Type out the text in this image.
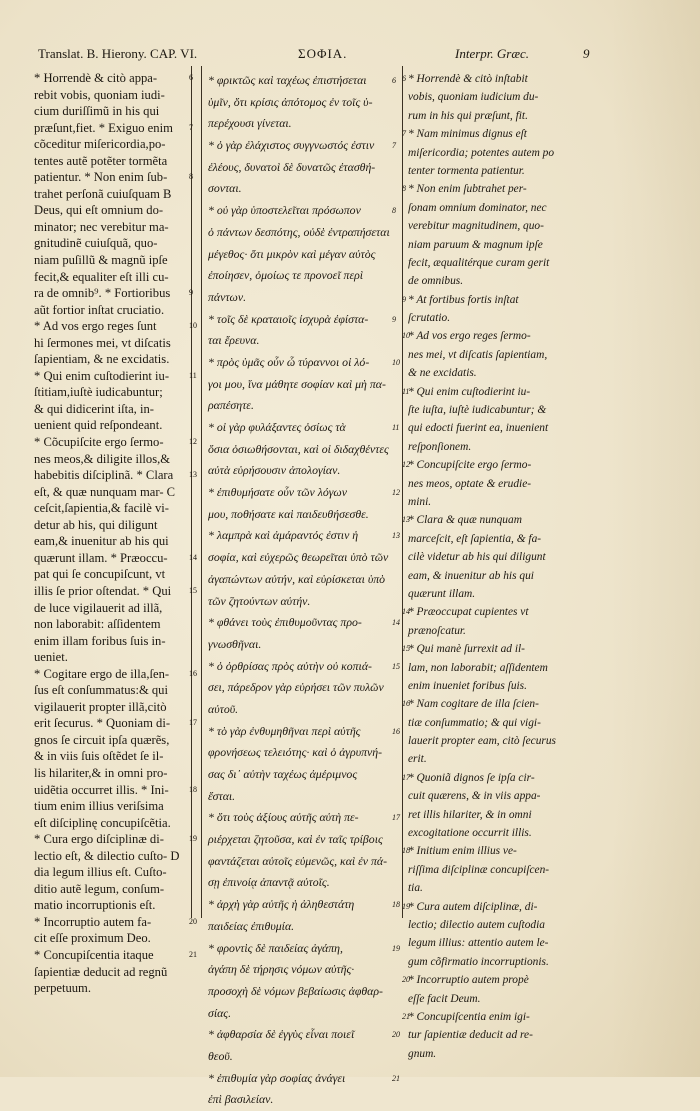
Translat. B. Hierony. CAP. VI.	ΣΟΦΙΑ.	Interpr. Græc.	9
* Horrendè & citò appa-	6
rebit vobis, quoniam iudi-
cium duriſſimũ in his qui
præſunt,fiet. * Exiguo enim 7
cõceditur miſericordia,po-
tentes autẽ potẽter tormẽta
patientur. * Non enim ſub-	8
trahet perſonã cuiuſquam B
Deus, qui eſt omnium do-
minator; nec verebitur ma-
gnitudinẽ cuiuſquã, quo-
niam puſillũ & magnũ ipſe
fecit,& equaliter eſt illi cu-
ra de omnib⁹. * Fortioribus 9
aũt fortior inſtat cruciatio.
* Ad vos ergo reges ſunt	10
hi ſermones mei, vt diſcatis
ſapientiam, & ne excidatis.
* Qui enim cuſtodierint iu- 11
ſtitiam,iuſtè iudicabuntur;
& qui didicerint iſta, in-
uenient quid reſpondeant.
* Cõcupiſcite ergo ſermo-	12
nes meos,& diligite illos,&
habebitis diſciplinã. * Clara 13
eſt, & quæ nunquam mar- C
ceſcit,ſapientia,& facilè vi-
detur ab his, qui diligunt
eam,& inuenitur ab his qui
quærunt illam. * Præoccu-	14
pat qui ſe concupiſcunt, vt
illis ſe prior oſtendat. * Qui 15
de luce vigilauerit ad illã,
non laborabit: aſſidentem
enim illam foribus ſuis in-
ueniet.
* Cogitare ergo de illa,ſen- 16
ſus eſt conſummatus:& qui
vigilauerit propter illã,citò
erit ſecurus. * Quoniam di- 17
gnos ſe circuit ipſa quærẽs,
& in viis ſuis oſtẽdet ſe il-
lis hilariter,& in omni pro-
uidẽtia occurret illis. * Ini-	18
tium enim illius veriſsima
eſt diſciplinę concupiſcẽtia.
* Cura ergo diſciplinæ di-	19
lectio eſt, & dilectio cuſto- D
dia legum illius eſt. Cuſto-
ditio autẽ legum, conſum-
matio incorruptionis eſt.
* Incorruptio autem fa-	20
cit eſſe proximum Deo.
* Concupiſcentia itaque	21
ſapientiæ deducit ad regnũ
perpetuum.
* φρικτῶς καὶ ταχέως ἐπιστήσεται	6
ὑμῖν, ὅτι κρίσις ἀπότομος ἐν τοῖς ὑ-
περέχουσι γίνεται.
* ὁ γὰρ ἐλάχιστος συγγνωστός ἐστιν 7
ἐλέους, δυνατοὶ δὲ δυνατῶς ἐτασθή-
σονται.
* οὐ γὰρ ὑποστελεῖται πρόσωπον	8
ὁ πάντων δεσπότης, οὐδὲ ἐντραπήσεται
μέγεθος· ὅτι μικρὸν καὶ μέγαν αὐτὸς
ἐποίησεν, ὁμοίως τε προνοεῖ περὶ
πάντων.
* τοῖς δὲ κραταιοῖς ἰσχυρὰ ἐφίστα-	9
ται ἔρευνα.
* πρὸς ὑμᾶς οὖν ὦ τύραννοι οἱ λό-	10
γοι μου, ἵνα μάθητε σοφίαν καὶ μὴ πα-
ραπέσητε.
* οἱ γὰρ φυλάξαντες ὁσίως τὰ	11
ὅσια ὁσιωθήσονται, καὶ οἱ διδαχθέντες
αὐτὰ εὑρήσουσιν ἀπολογίαν.
* ἐπιθυμήσατε οὖν τῶν λόγων	12
μου, ποθήσατε καὶ παιδευθήσεσθε.
* λαμπρὰ καὶ ἀμάραντός ἐστιν ἡ	13
σοφία, καὶ εὐχερῶς θεωρεῖται ὑπὸ τῶν
ἀγαπώντων αὐτήν, καὶ εὑρίσκεται ὑπὸ
τῶν ζητούντων αὐτήν.
* φθάνει τοὺς ἐπιθυμοῦντας προ-	14
γνωσθῆναι.
* ὁ ὀρθρίσας πρὸς αὐτὴν οὐ κοπιά-	15
σει, πάρεδρον γὰρ εὑρήσει τῶν πυλῶν
αὐτοῦ.
* τὸ γὰρ ἐνθυμηθῆναι περὶ αὐτῆς	16
φρονήσεως τελειότης· καὶ ὁ ἀγρυπνή-
σας δι᾽ αὐτὴν ταχέως ἀμέριμνος
ἔσται.
* ὅτι τοὺς ἀξίους αὐτῆς αὐτὴ πε-	17
ριέρχεται ζητοῦσα, καὶ ἐν ταῖς τρίβοις
φαντάζεται αὐτοῖς εὐμενῶς, καὶ ἐν πά-
σῃ ἐπινοίᾳ ἀπαντᾷ αὐτοῖς.
* ἀρχὴ γὰρ αὐτῆς ἡ ἀληθεστάτη	18
παιδείας ἐπιθυμία.
* φροντὶς δὲ παιδείας ἀγάπη,	19
ἀγάπη δὲ τήρησις νόμων αὐτῆς·
προσοχὴ δὲ νόμων βεβαίωσις ἀφθαρ-
σίας.
* ἀφθαρσία δὲ ἐγγὺς εἶναι ποιεῖ	20
θεοῦ.
* ἐπιθυμία γὰρ σοφίας ἀνάγει	21
ἐπὶ βασιλείαν.
* Horrendè & citò inſtabit
6
vobis, quoniam iudicium du-
rum in his qui præſunt, fit.
* Nam minimus dignus eſt
7
miſericordia; potentes autem po
tenter tormenta patientur.
* Non enim ſubtrahet per-
8
ſonam omnium dominator, nec
verebitur magnitudinem, quo-
niam paruum & magnum ipſe
fecit, æqualitérque curam gerit
de omnibus.
* At fortibus fortis inſtat
9
ſcrutatio.
* Ad vos ergo reges ſermo-
10
nes mei, vt diſcatis ſapientiam,
& ne excidatis.
* Qui enim cuſtodierint iu-
11
ſte iuſta, iuſtè iudicabuntur; &
qui edocti fuerint ea, inuenient
reſponſionem.
* Concupiſcite ergo ſermo-
12
nes meos, optate & erudie-
mini.
* Clara & quæ nunquam
13
marceſcit, eſt ſapientia, & fa-
cilè videtur ab his qui diligunt
eam, & inuenitur ab his qui
quærunt illam.
* Præoccupat cupientes vt
14
prænoſcatur.
* Qui manè ſurrexit ad il-
15
lam, non laborabit; aſſidentem
enim inueniet foribus ſuis.
* Nam cogitare de illa ſcien-
16
tiæ conſummatio; & qui vigi-
lauerit propter eam, citò ſecurus
erit.
* Quoniã dignos ſe ipſa cir-
17
cuit quærens, & in viis appa-
ret illis hilariter, & in omni
excogitatione occurrit illis.
* Initium enim illius ve-
18
riſſima diſciplinæ concupiſcen-
tia.
* Cura autem diſciplinæ, di-
19
lectio; dilectio autem cuſtodia
legum illius: attentio autem le-
gum cõfirmatio incorruptionis.
* Incorruptio autem propè
20
eſſe facit Deum.
* Concupiſcentia enim igi-
21
tur ſapientiæ deducit ad re-
gnum.
